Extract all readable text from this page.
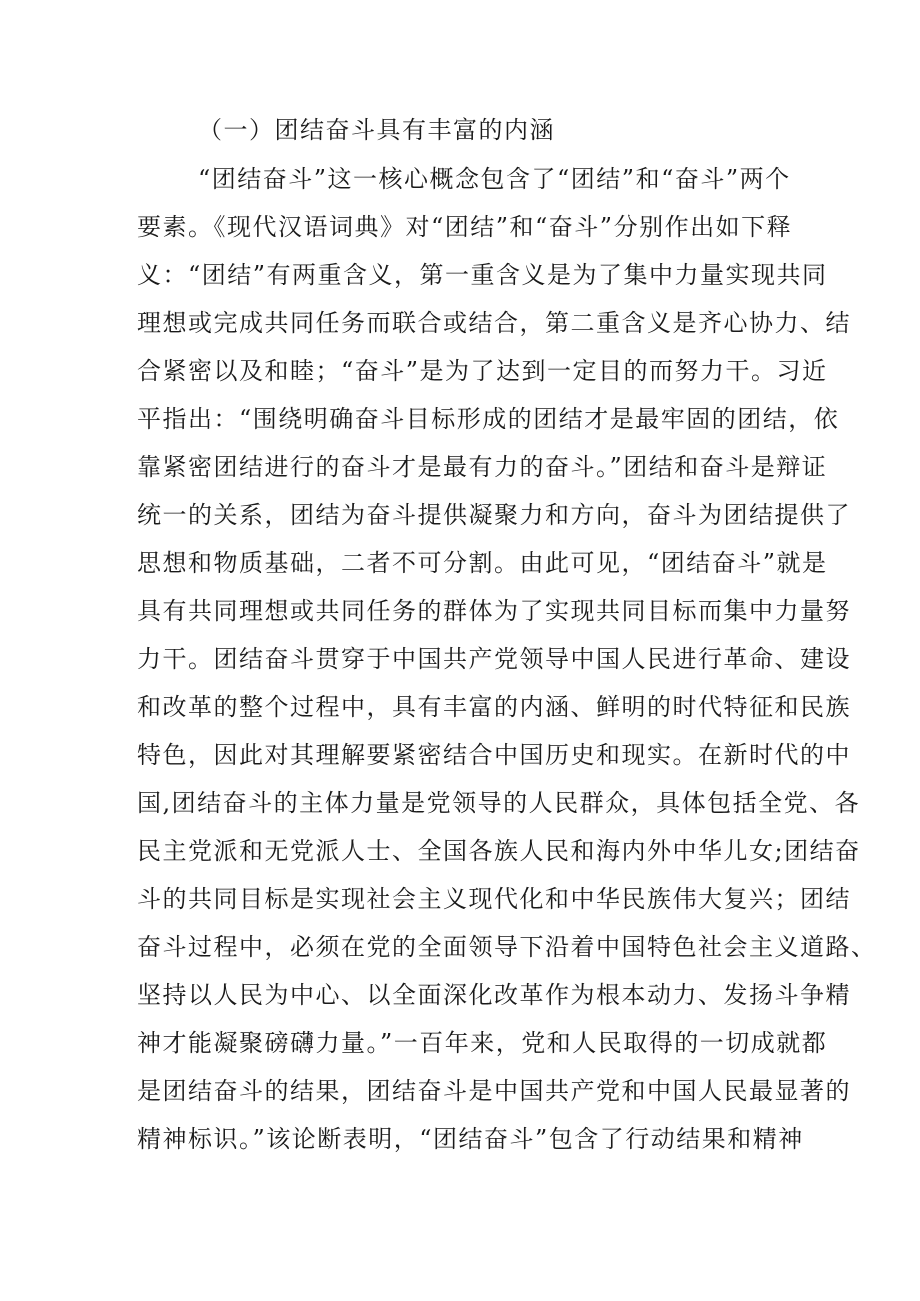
（一）团结奋斗具有丰富的内涵
“团结奋斗”这一核心概念包含了“团结”和“奋斗”两个
要素。《现代汉语词典》对“团结”和“奋斗”分别作出如下释
义：“团结”有两重含义，第一重含义是为了集中力量实现共同
理想或完成共同任务而联合或结合，第二重含义是齐心协力、结
合紧密以及和睦；“奋斗”是为了达到一定目的而努力干。习近
平指出：“围绕明确奋斗目标形成的团结才是最牢固的团结，依
靠紧密团结进行的奋斗才是最有力的奋斗。”团结和奋斗是辩证
统一的关系，团结为奋斗提供凝聚力和方向，奋斗为团结提供了
思想和物质基础，二者不可分割。由此可见，“团结奋斗”就是
具有共同理想或共同任务的群体为了实现共同目标而集中力量努
力干。团结奋斗贯穿于中国共产党领导中国人民进行革命、建设
和改革的整个过程中，具有丰富的内涵、鲜明的时代特征和民族
特色，因此对其理解要紧密结合中国历史和现实。在新时代的中
国,团结奋斗的主体力量是党领导的人民群众，具体包括全党、各
民主党派和无党派人士、全国各族人民和海内外中华儿女;团结奋
斗的共同目标是实现社会主义现代化和中华民族伟大复兴；团结
奋斗过程中，必须在党的全面领导下沿着中国特色社会主义道路、
坚持以人民为中心、以全面深化改革作为根本动力、发扬斗争精
神才能凝聚磅礴力量。”一百年来，党和人民取得的一切成就都
是团结奋斗的结果，团结奋斗是中国共产党和中国人民最显著的
精神标识。”该论断表明，“团结奋斗”包含了行动结果和精神
